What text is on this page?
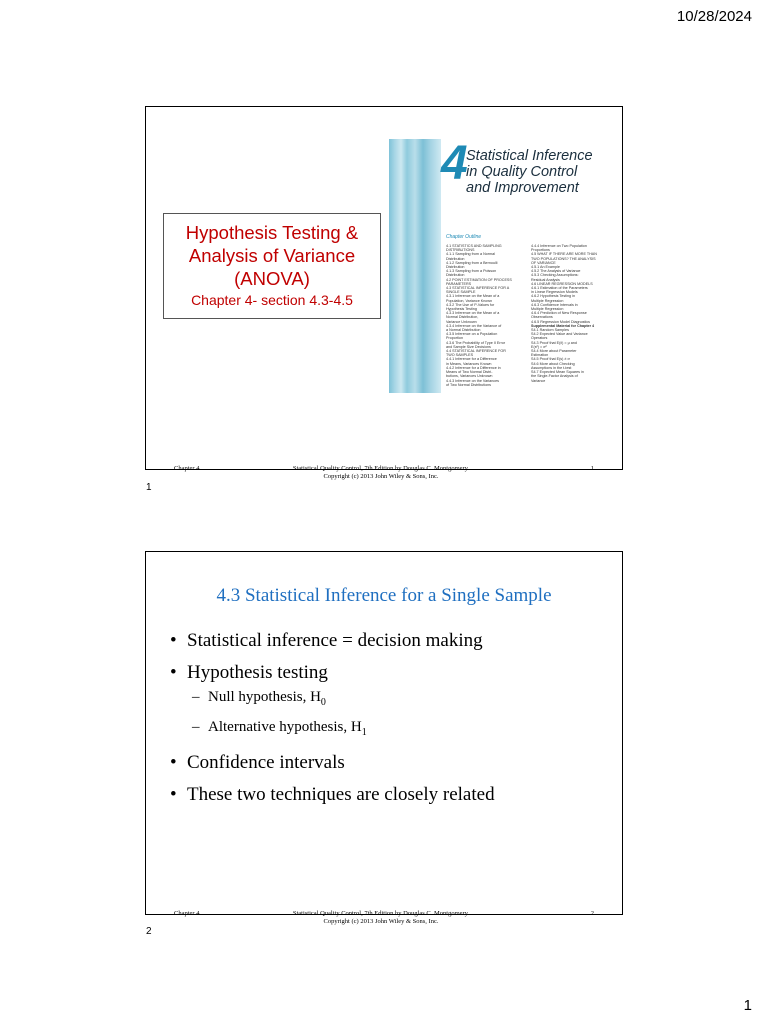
10/28/2024
Hypothesis Testing &
Analysis of Variance
(ANOVA)
Chapter 4- section 4.3-4.5
4
Statistical Inference
in Quality Control
and Improvement
Chapter Outline
4.1 STATISTICS AND SAMPLING
DISTRIBUTIONS
4.1.1 Sampling from a Normal
Distribution
4.1.2 Sampling from a Bernoulli
Distribution
4.1.3 Sampling from a Poisson
Distribution
4.2 POINT ESTIMATION OF PROCESS
PARAMETERS
4.3 STATISTICAL INFERENCE FOR A
SINGLE SAMPLE
4.3.1 Inference on the Mean of a
Population, Variance Known
4.3.2 The Use of P-Values for
Hypothesis Testing
4.3.3 Inference on the Mean of a
Normal Distribution,
Variance Unknown
4.3.4 Inference on the Variance of
a Normal Distribution
4.3.5 Inference on a Population
Proportion
4.3.6 The Probability of Type II Error
and Sample Size Decisions
4.4 STATISTICAL INFERENCE FOR
TWO SAMPLES
4.4.1 Inference for a Difference
in Means, Variances Known
4.4.2 Inference for a Difference in
Means of Two Normal Distri-
butions, Variances Unknown
4.4.3 Inference on the Variances
of Two Normal Distributions
4.4.4 Inference on Two Population
Proportions
4.5 WHAT IF THERE ARE MORE THAN
TWO POPULATIONS? THE ANALYSIS
OF VARIANCE
4.5.1 An Example
4.5.2 The Analysis of Variance
4.5.3 Checking Assumptions:
Residual Analysis
4.6 LINEAR REGRESSION MODELS
4.6.1 Estimation of the Parameters
in Linear Regression Models
4.6.2 Hypothesis Testing in
Multiple Regression
4.6.3 Confidence Intervals in
Multiple Regression
4.6.4 Prediction of New Response
Observations
4.6.5 Regression Model Diagnostics
Supplemental Material for Chapter 4
S4.1 Random Samples
S4.2 Expected Value and Variance
Operators
S4.3 Proof that E(x̄) = μ and
E(s²) = σ²
S4.4 More about Parameter
Estimation
S4.5 Proof that E(s) ≠ σ
S4.6 More about Checking
Assumptions in the t-test
S4.7 Expected Mean Squares in
the Single-Factor Analysis of
Variance
Chapter 4	Statistical Quality Control, 7th Edition by Douglas C. Montgomery.
Copyright (c) 2013 John Wiley & Sons, Inc.
1
1
4.3 Statistical Inference for a Single Sample
• Statistical inference = decision making
• Hypothesis testing
– Null hypothesis, $H_0$
– Alternative hypothesis, $H_1$
• Confidence intervals
• These two techniques are closely related
Chapter 4	Statistical Quality Control, 7th Edition by Douglas C. Montgomery.
Copyright (c) 2013 John Wiley & Sons, Inc.
2
2
1
